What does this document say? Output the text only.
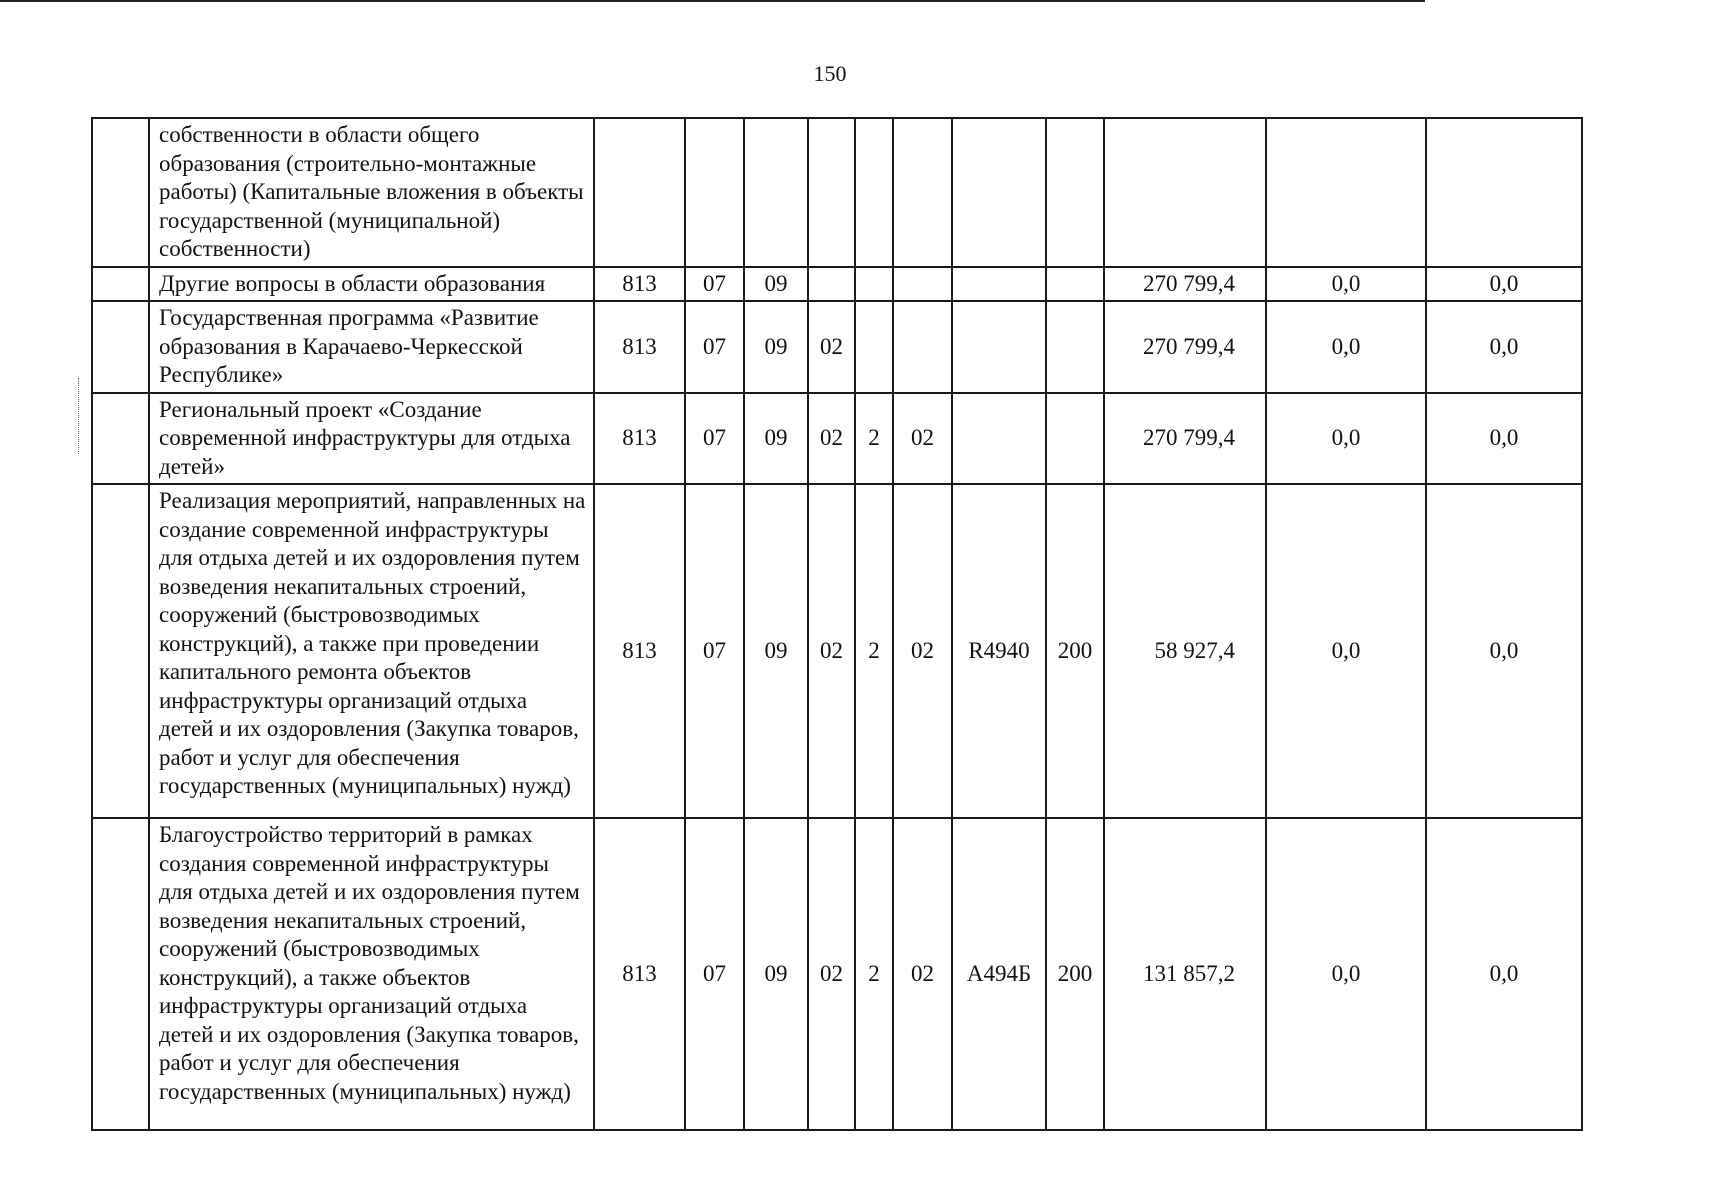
150
	собственности в области общего образования (строительно-монтажные работы) (Капитальные вложения в объекты государственной (муниципальной) собственности)											
	Другие вопросы в области образования	813	07	09						270 799,4	0,0	0,0
	Государственная программа «Развитие образования в Карачаево-Черкесской Республике»	813	07	09	02					270 799,4	0,0	0,0
	Региональный проект «Создание современной инфраструктуры для отдыха детей»	813	07	09	02	2	02			270 799,4	0,0	0,0
	Реализация мероприятий, направленных на создание современной инфраструктуры для отдыха детей и их оздоровления путем возведения некапитальных строений, сооружений (быстровозводимых конструкций), а также при проведении капитального ремонта объектов инфраструктуры организаций отдыха детей и их оздоровления (Закупка товаров, работ и услуг для обеспечения государственных (муниципальных) нужд)	813	07	09	02	2	02	R4940	200	58 927,4	0,0	0,0
	Благоустройство территорий в рамках создания современной инфраструктуры для отдыха детей и их оздоровления путем возведения некапитальных строений, сооружений (быстровозводимых конструкций), а также объектов инфраструктуры организаций отдыха детей и их оздоровления (Закупка товаров, работ и услуг для обеспечения государственных (муниципальных) нужд)	813	07	09	02	2	02	А494Б	200	131 857,2	0,0	0,0
